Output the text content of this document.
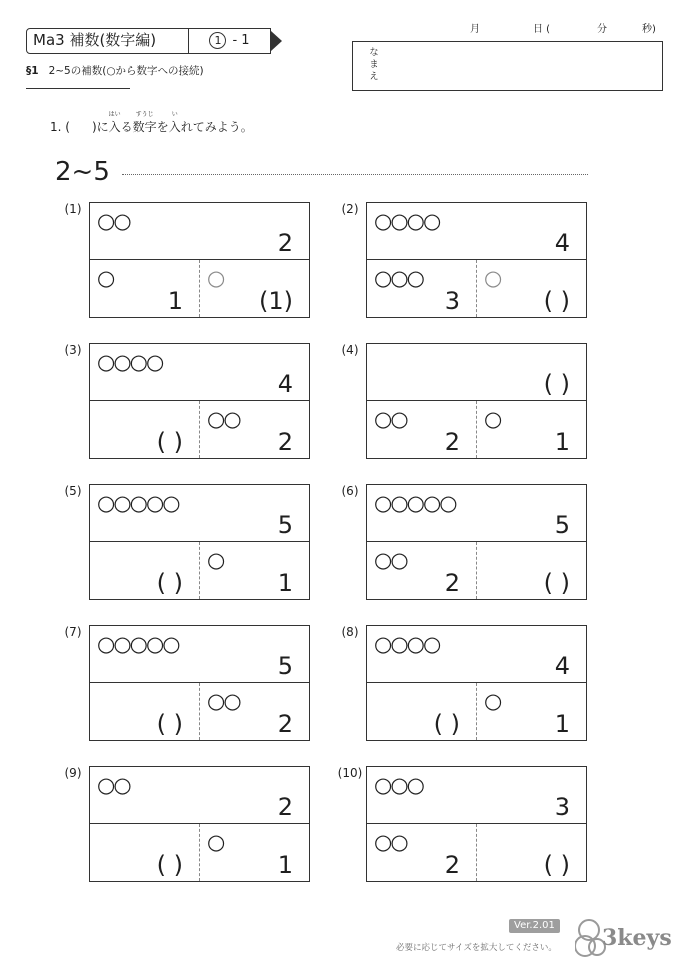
Ma3 補数(数字編)	1 - 1
§1 2~5の補数(○から数字への接続)
月	日 (	分	秒)
なまえ
1. ( )に
はい
入る
すうじ
数字を
い
入れてみよう。
2~5
(1) ○○
2
○
1
○
(1)
(2) ○○○○
4
○○○
3
○
( )
(3) ○○○○
4
( )
○○
2
(4)
( )
○○
2
○
1
(5) ○○○○○
5
( )
○
1
(6) ○○○○○
5
○○
2	( )
(7) ○○○○○
5
( )
○○
2
(8) ○○○○
4
( )
○
1
(9) ○○
2
( )
○
1
(10) ○○○
3
○○
2	( )
Ver.2.01
必要に応じてサイズを拡大してください。 3keys
